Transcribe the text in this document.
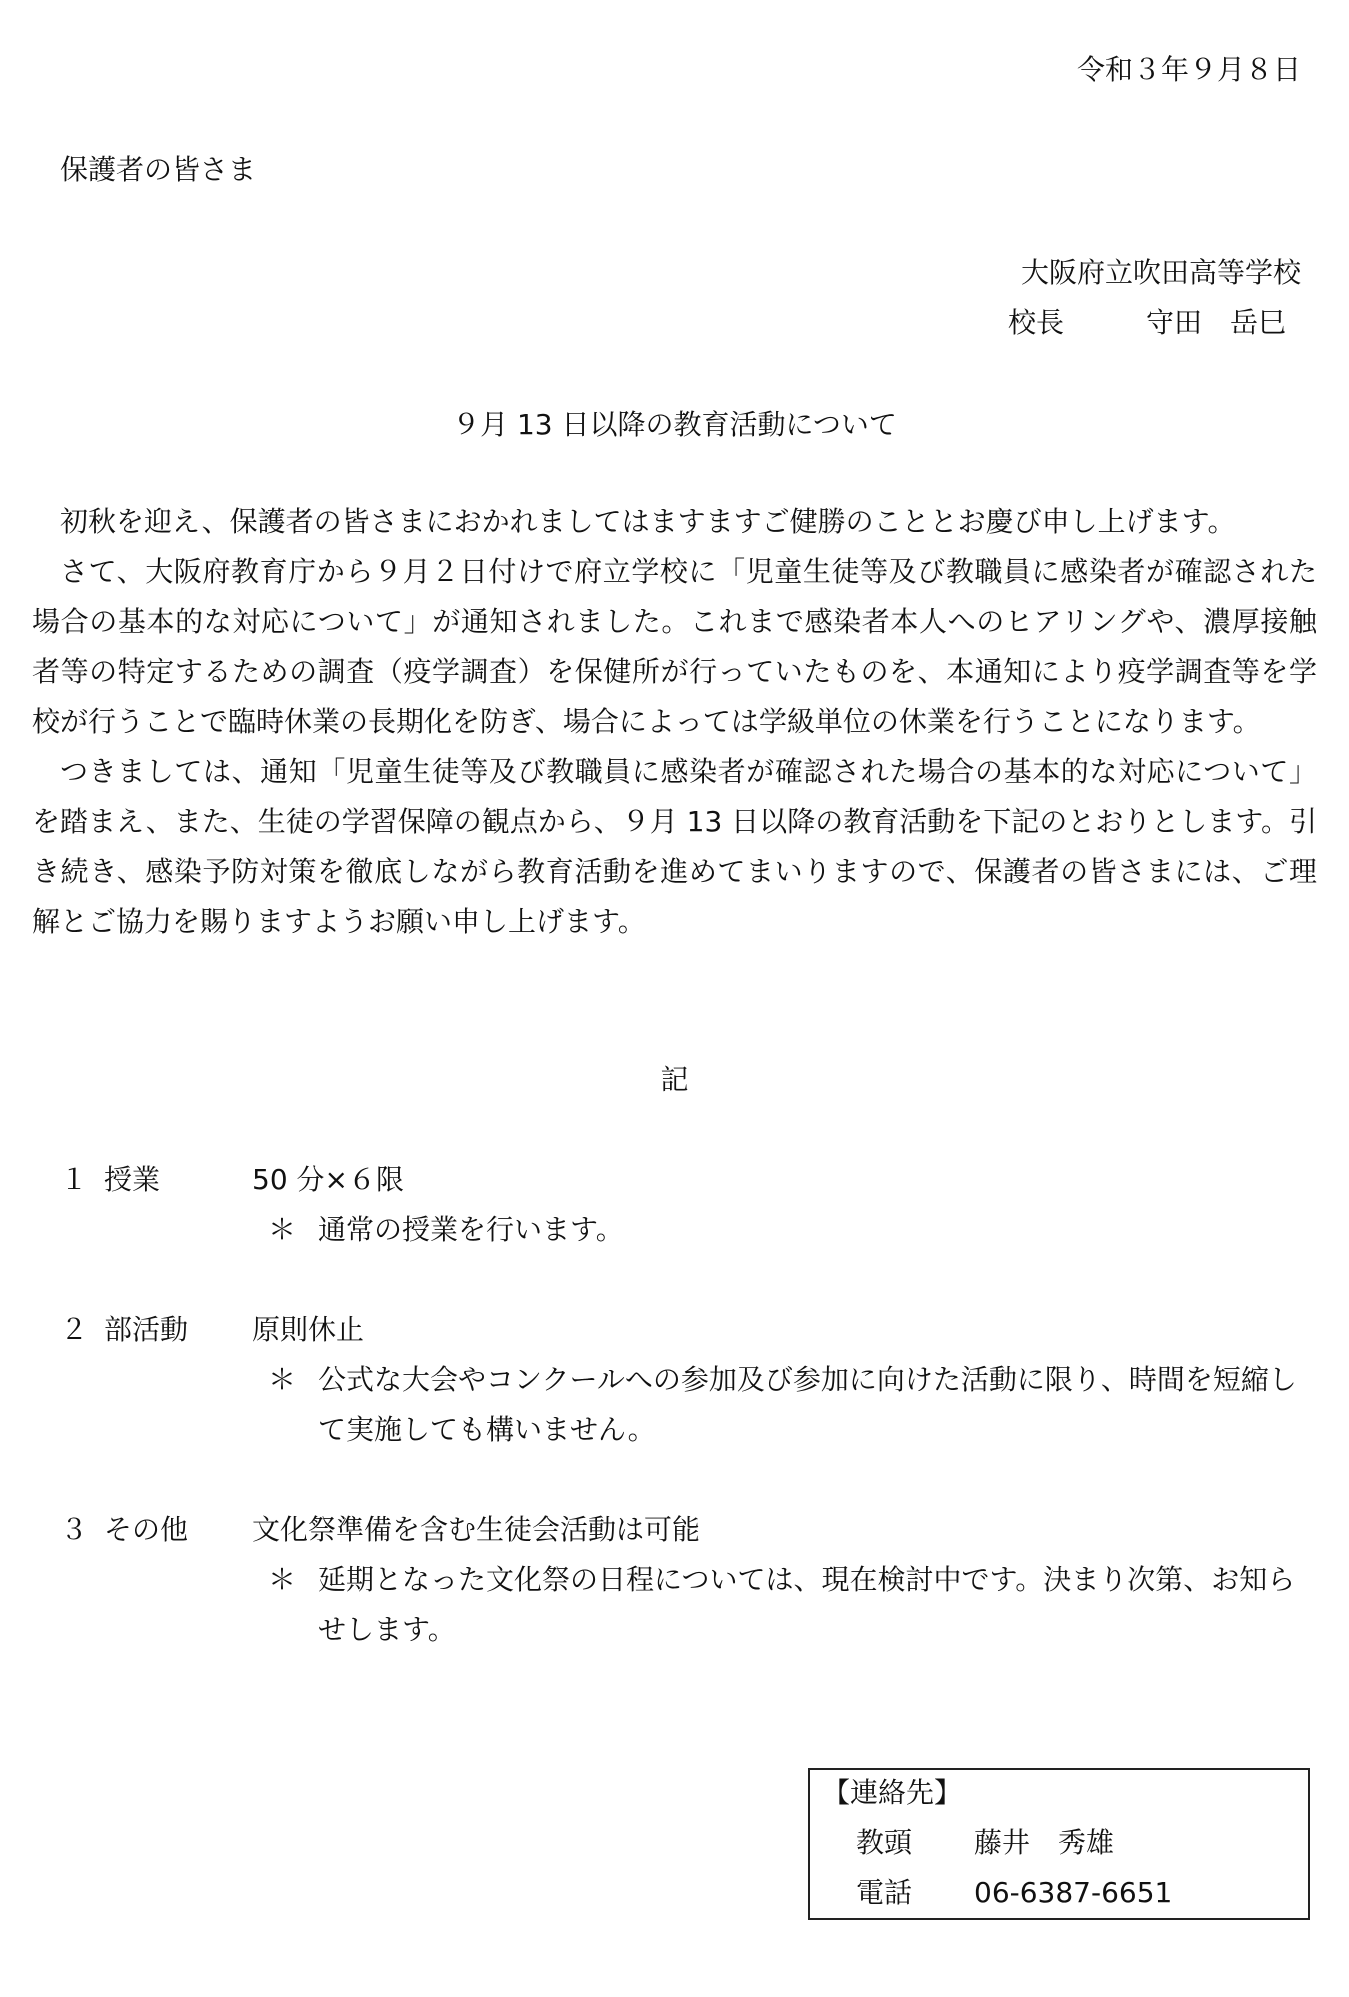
令和３年９月８日
保護者の皆さま
大阪府立吹田高等学校
校長	守田　岳巳
９月 13 日以降の教育活動について

初秋を迎え、保護者の皆さまにおかれましてはますますご健勝のこととお慶び申し上げます。

さて、大阪府教育庁から９月２日付けで府立学校に「児童生徒等及び教職員に感染者が確認された場合の基本的な対応について」が通知されました。これまで感染者本人へのヒアリングや、濃厚接触者等の特定するための調査（疫学調査）を保健所が行っていたものを、本通知により疫学調査等を学校が行うことで臨時休業の長期化を防ぎ、場合によっては学級単位の休業を行うことになります。

つきましては、通知「児童生徒等及び教職員に感染者が確認された場合の基本的な対応について」を踏まえ、また、生徒の学習保障の観点から、９月 13 日以降の教育活動を下記のとおりとします。引き続き、感染予防対策を徹底しながら教育活動を進めてまいりますので、保護者の皆さまには、ご理解とご協力を賜りますようお願い申し上げます。

記
１ 授業	50 分×６限
＊ 通常の授業を行います。
２ 部活動 原則休止
＊ 公式な大会やコンクールへの参加及び参加に向けた活動に限り、時間を短縮して実施しても構いません。
３ その他 文化祭準備を含む生徒会活動は可能
＊ 延期となった文化祭の日程については、現在検討中です。決まり次第、お知らせします。
【連絡先】
教頭 藤井　秀雄
電話 06-6387-6651
